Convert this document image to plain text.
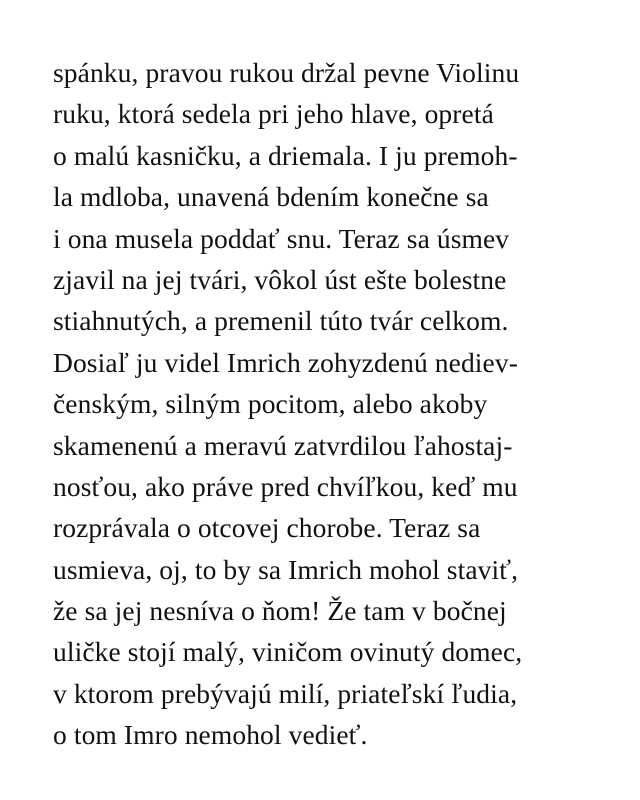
spánku, pravou rukou držal pevne Violinu
ruku, ktorá sedela pri jeho hlave, opretá
o malú kasničku, a driemala. I ju premoh-
la mdloba, unavená bdením konečne sa
i ona musela poddať snu. Teraz sa úsmev
zjavil na jej tvári, vôkol úst ešte bolestne
stiahnutých, a premenil túto tvár celkom.
Dosiaľ ju videl Imrich zohyzdenú nediev-
čenským, silným pocitom, alebo akoby
skamenenú a meravú zatvrdilou ľahostaj-
nosťou, ako práve pred chvíľkou, keď mu
rozprávala o otcovej chorobe. Teraz sa
usmieva, oj, to by sa Imrich mohol staviť,
že sa jej nesníva o ňom! Že tam v bočnej
uličke stojí malý, viničom ovinutý domec,
v ktorom prebývajú milí, priateľskí ľudia,
o tom Imro nemohol vedieť.
